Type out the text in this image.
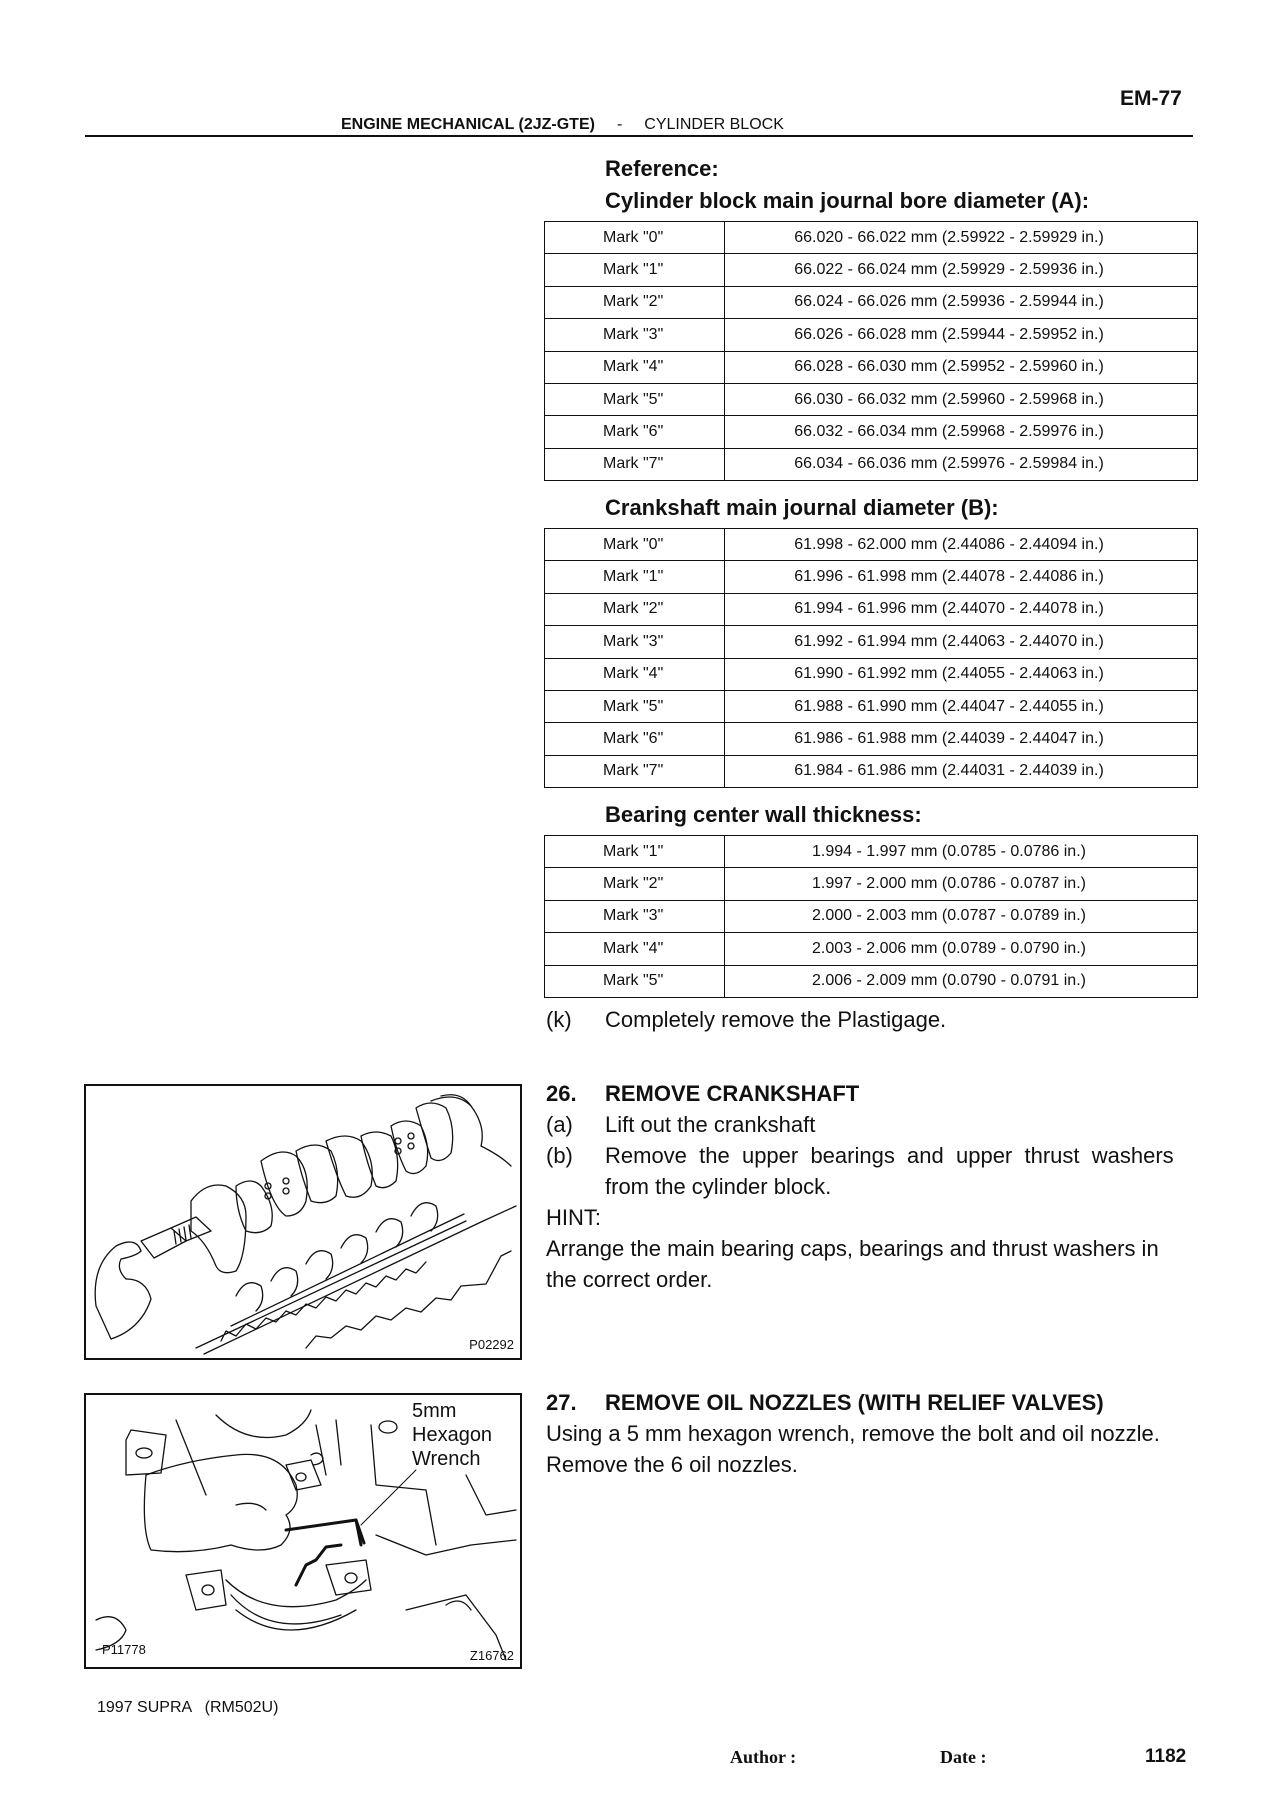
EM-77
ENGINE MECHANICAL (2JZ-GTE) - CYLINDER BLOCK
Reference:
Cylinder block main journal bore diameter (A):
Mark "0"	66.020 - 66.022 mm (2.59922 - 2.59929 in.)
Mark "1"	66.022 - 66.024 mm (2.59929 - 2.59936 in.)
Mark "2"	66.024 - 66.026 mm (2.59936 - 2.59944 in.)
Mark "3"	66.026 - 66.028 mm (2.59944 - 2.59952 in.)
Mark "4"	66.028 - 66.030 mm (2.59952 - 2.59960 in.)
Mark "5"	66.030 - 66.032 mm (2.59960 - 2.59968 in.)
Mark "6"	66.032 - 66.034 mm (2.59968 - 2.59976 in.)
Mark "7"	66.034 - 66.036 mm (2.59976 - 2.59984 in.)
Crankshaft main journal diameter (B):
Mark "0"	61.998 - 62.000 mm (2.44086 - 2.44094 in.)
Mark "1"	61.996 - 61.998 mm (2.44078 - 2.44086 in.)
Mark "2"	61.994 - 61.996 mm (2.44070 - 2.44078 in.)
Mark "3"	61.992 - 61.994 mm (2.44063 - 2.44070 in.)
Mark "4"	61.990 - 61.992 mm (2.44055 - 2.44063 in.)
Mark "5"	61.988 - 61.990 mm (2.44047 - 2.44055 in.)
Mark "6"	61.986 - 61.988 mm (2.44039 - 2.44047 in.)
Mark "7"	61.984 - 61.986 mm (2.44031 - 2.44039 in.)
Bearing center wall thickness:
Mark "1"	1.994 - 1.997 mm (0.0785 - 0.0786 in.)
Mark "2"	1.997 - 2.000 mm (0.0786 - 0.0787 in.)
Mark "3"	2.000 - 2.003 mm (0.0787 - 0.0789 in.)
Mark "4"	2.003 - 2.006 mm (0.0789 - 0.0790 in.)
Mark "5"	2.006 - 2.009 mm (0.0790 - 0.0791 in.)
(k) Completely remove the Plastigage.
26. REMOVE CRANKSHAFT
(a) Lift out the crankshaft
(b) Remove  the  upper  bearings  and  upper  thrust  washers
from the cylinder block.
HINT:
Arrange the main bearing caps, bearings and thrust washers in
the correct order.
27. REMOVE OIL NOZZLES (WITH RELIEF VALVES)
Using a 5 mm hexagon wrench, remove the bolt and oil nozzle.
Remove the 6 oil nozzles.
P02292
5mm
Hexagon
Wrench
P11778	Z16762
1997 SUPRA   (RM502U)
Author :	Date :	1182
